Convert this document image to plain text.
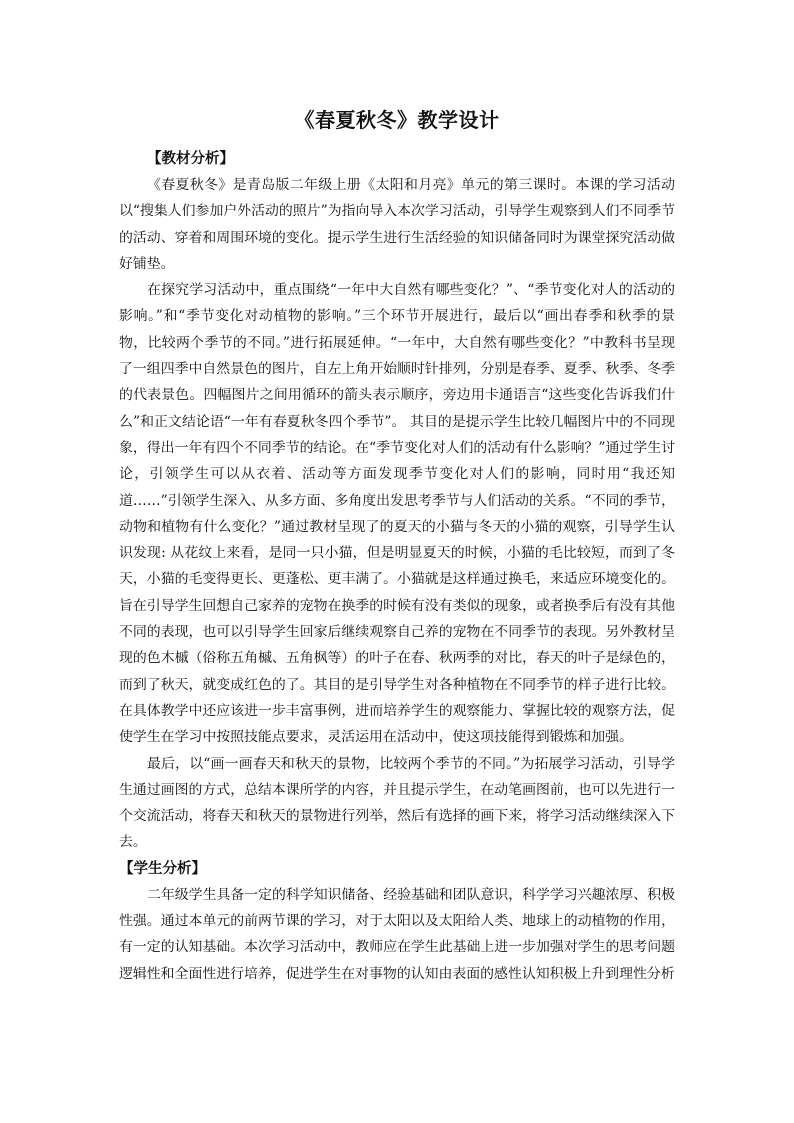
《春夏秋冬》教学设计
【教材分析】

《春夏秋冬》是青岛版二年级上册《太阳和月亮》单元的第三课时。本课的学习活动以“搜集人们参加户外活动的照片”为指向导入本次学习活动，引导学生观察到人们不同季节的活动、穿着和周围环境的变化。提示学生进行生活经验的知识储备同时为课堂探究活动做好铺垫。

在探究学习活动中，重点围绕“一年中大自然有哪些变化？”、“季节变化对人的活动的影响。”和“季节变化对动植物的影响。”三个环节开展进行，最后以“画出春季和秋季的景物，比较两个季节的不同。”进行拓展延伸。“一年中，大自然有哪些变化？”中教科书呈现了一组四季中自然景色的图片，自左上角开始顺时针排列，分别是春季、夏季、秋季、冬季的代表景色。四幅图片之间用循环的箭头表示顺序，旁边用卡通语言“这些变化告诉我们什么”和正文结论语“一年有春夏秋冬四个季节”。 其目的是提示学生比较几幅图片中的不同现象，得出一年有四个不同季节的结论。在“季节变化对人们的活动有什么影响？”通过学生讨论，引领学生可以从衣着、活动等方面发现季节变化对人们的影响，同时用“我还知道……”引领学生深入、从多方面、多角度出发思考季节与人们活动的关系。“不同的季节，动物和植物有什么变化？”通过教材呈现了的夏天的小猫与冬天的小猫的观察，引导学生认识发现: 从花纹上来看，是同一只小猫，但是明显夏天的时候，小猫的毛比较短，而到了冬天，小猫的毛变得更长、更蓬松、更丰满了。小猫就是这样通过换毛，来适应环境变化的。旨在引导学生回想自己家养的宠物在换季的时候有没有类似的现象，或者换季后有没有其他不同的表现，也可以引导学生回家后继续观察自己养的宠物在不同季节的表现。另外教材呈现的色木槭（俗称五角槭、五角枫等）的叶子在春、秋两季的对比，春天的叶子是绿色的，而到了秋天，就变成红色的了。其目的是引导学生对各种植物在不同季节的样子进行比较。在具体教学中还应该进一步丰富事例，进而培养学生的观察能力、掌握比较的观察方法，促使学生在学习中按照技能点要求，灵活运用在活动中，使这项技能得到锻炼和加强。

最后，以“画一画春天和秋天的景物，比较两个季节的不同。”为拓展学习活动，引导学生通过画图的方式，总结本课所学的内容，并且提示学生，在动笔画图前，也可以先进行一个交流活动，将春天和秋天的景物进行列举，然后有选择的画下来，将学习活动继续深入下去。

【学生分析】

二年级学生具备一定的科学知识储备、经验基础和团队意识，科学学习兴趣浓厚、积极性强。通过本单元的前两节课的学习，对于太阳以及太阳给人类、地球上的动植物的作用，有一定的认知基础。本次学习活动中，教师应在学生此基础上进一步加强对学生的思考问题逻辑性和全面性进行培养，促进学生在对事物的认知由表面的感性认知积极上升到理性分析
